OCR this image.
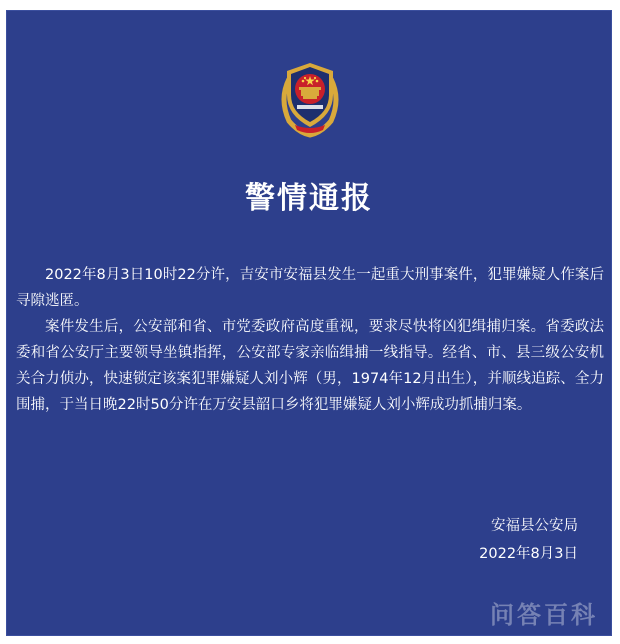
警情通报

2022年8月3日10时22分许，吉安市安福县发生一起重大刑事案件，犯罪嫌疑人作案后寻隙逃匿。

案件发生后，公安部和省、市党委政府高度重视，要求尽快将凶犯缉捕归案。省委政法委和省公安厅主要领导坐镇指挥，公安部专家亲临缉捕一线指导。经省、市、县三级公安机关合力侦办，快速锁定该案犯罪嫌疑人刘小辉（男，1974年12月出生），并顺线追踪、全力围捕，于当日晚22时50分许在万安县韶口乡将犯罪嫌疑人刘小辉成功抓捕归案。

安福县公安局
2022年8月3日
问答百科
